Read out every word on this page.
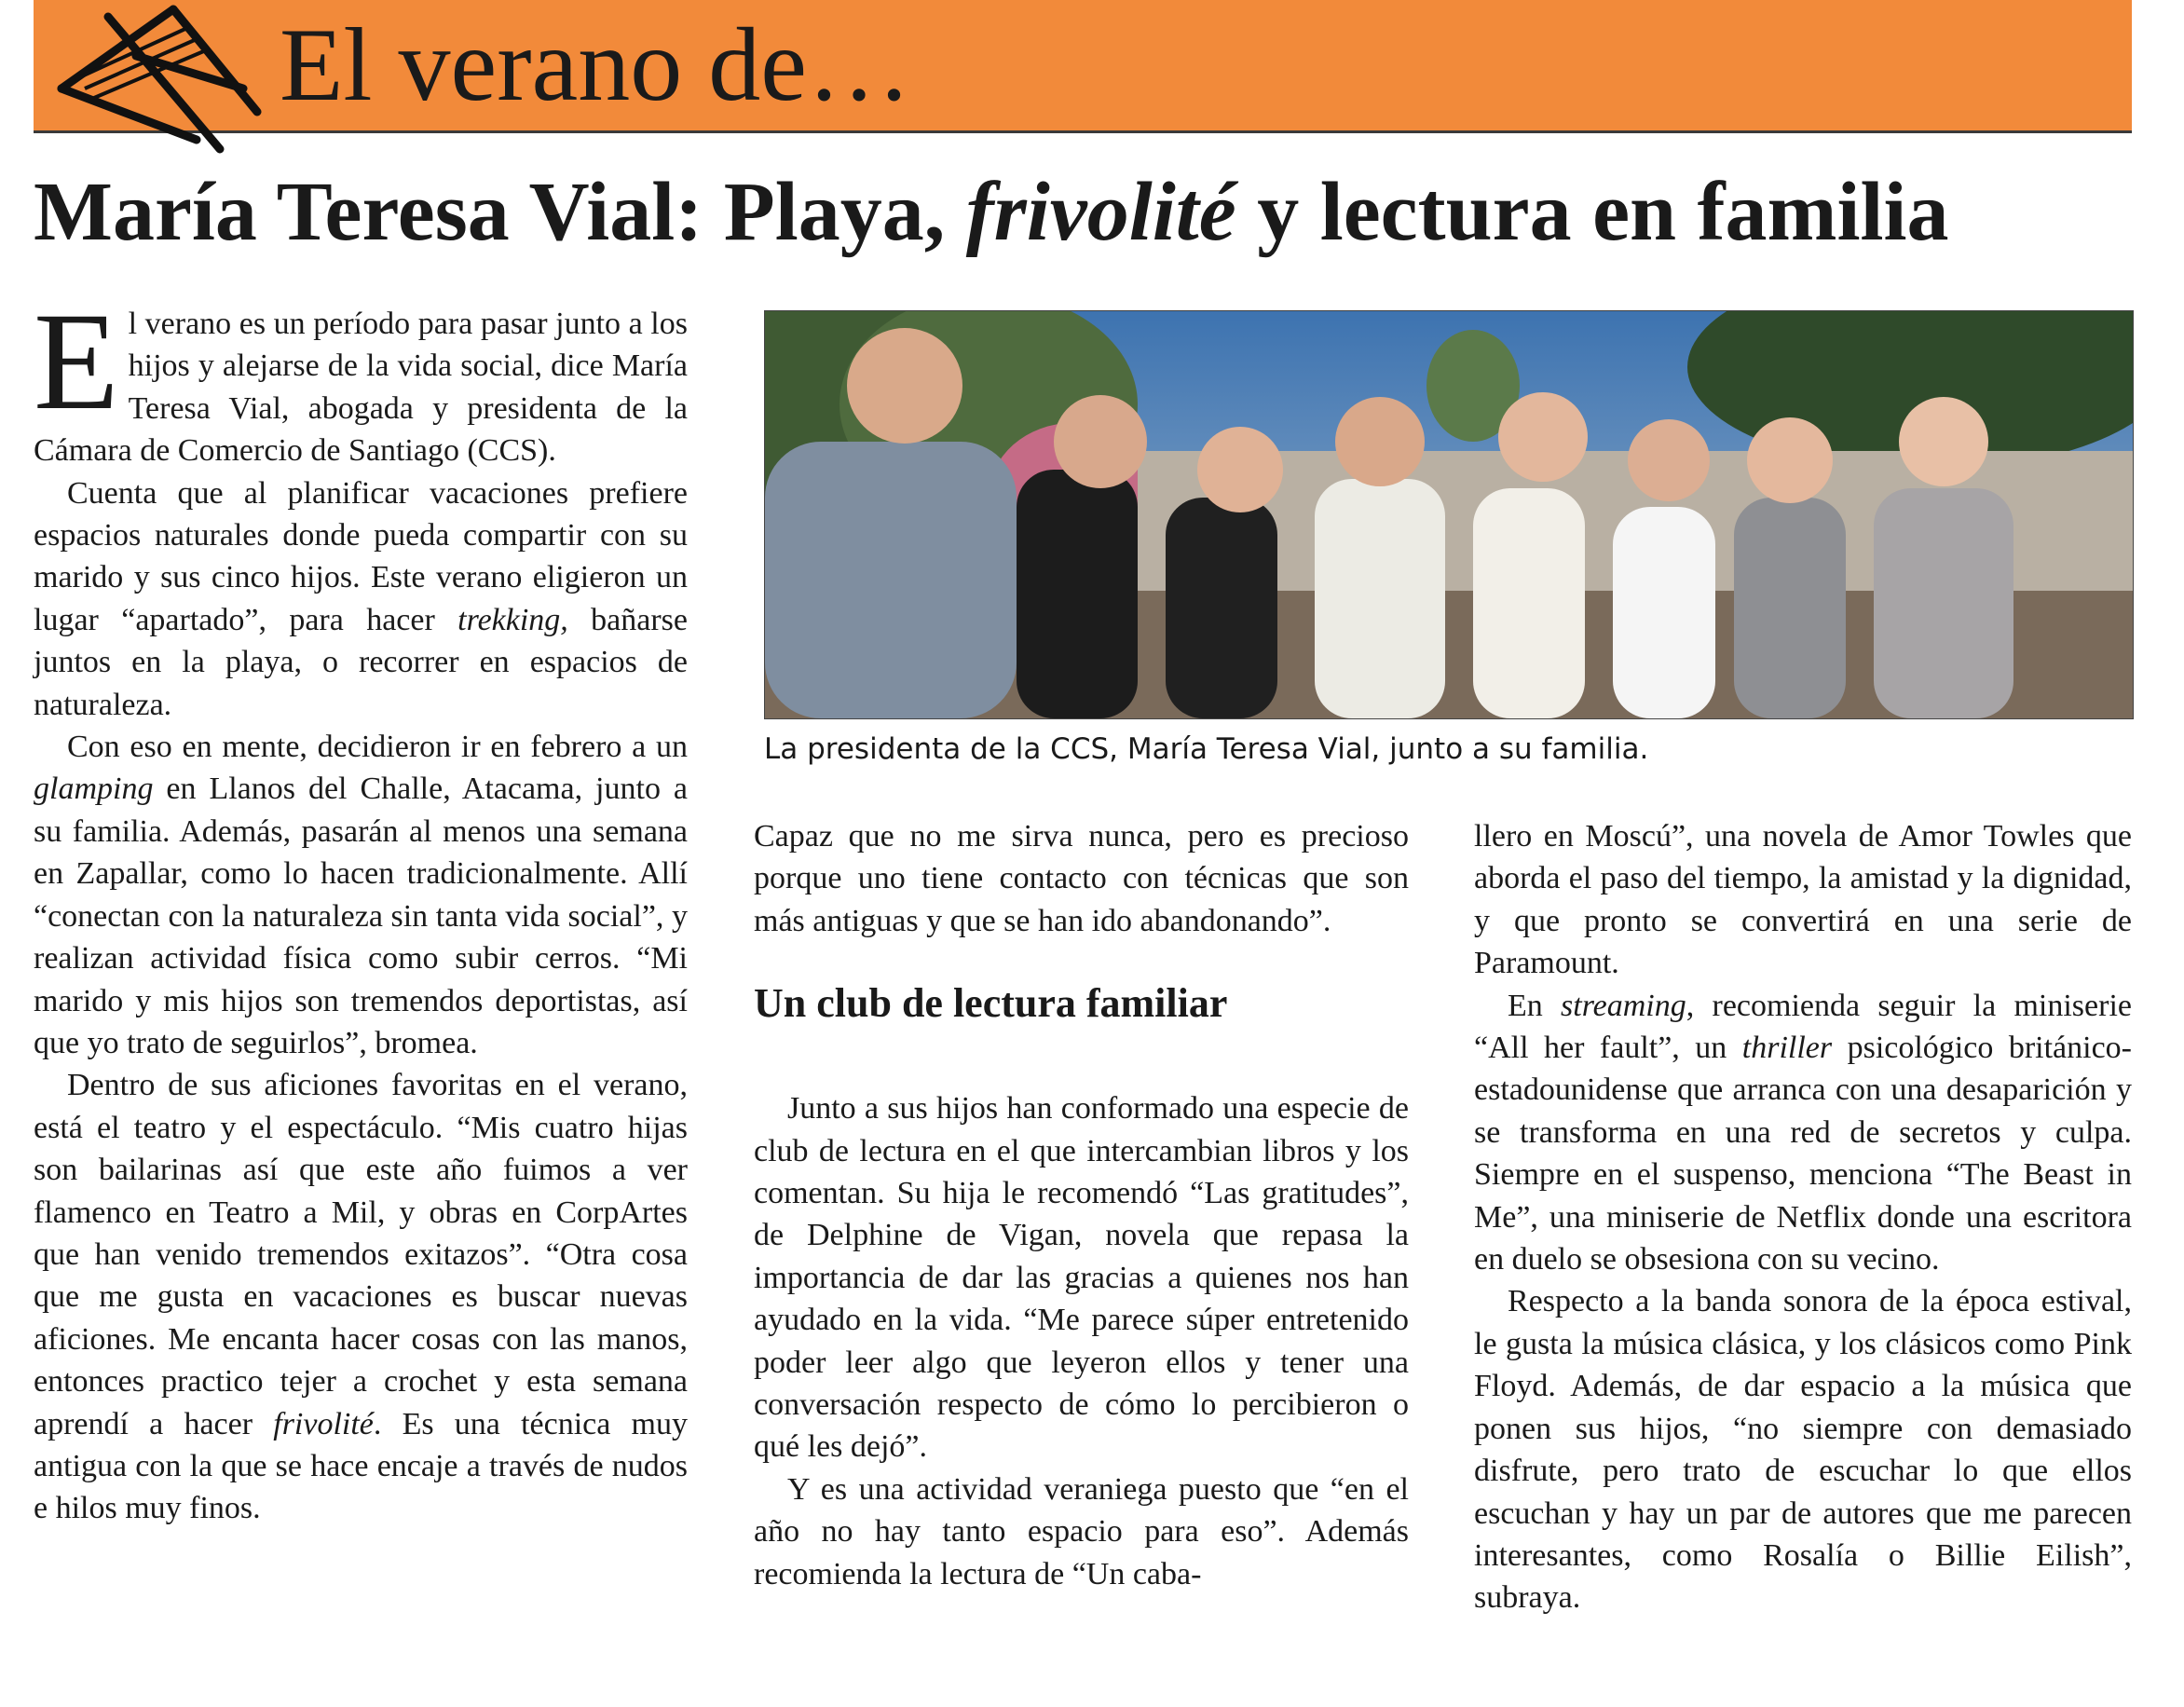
El verano de…
María Teresa Vial: Playa, frivolité y lectura en familia

El verano es un período para pasar junto a los hijos y alejarse de la vida social, dice María Teresa Vial, abogada y presidenta de la Cámara de Comercio de Santiago (CCS).

Cuenta que al planificar vacaciones prefiere espacios naturales donde pueda compartir con su marido y sus cinco hijos. Este verano eligieron un lugar “apartado”, para hacer trekking, bañarse juntos en la playa, o recorrer en espacios de naturaleza.

Con eso en mente, decidieron ir en febrero a un glamping en Llanos del Challe, Atacama, junto a su familia. Además, pasarán al menos una semana en Zapallar, como lo hacen tradicionalmente. Allí “conectan con la naturaleza sin tanta vida social”, y realizan actividad física como subir cerros. “Mi marido y mis hijos son tremendos deportistas, así que yo trato de seguirlos”, bromea.

Dentro de sus aficiones favoritas en el verano, está el teatro y el espectáculo. “Mis cuatro hijas son bailarinas así que este año fuimos a ver flamenco en Teatro a Mil, y obras en CorpArtes que han venido tremendos exitazos”. “Otra cosa que me gusta en vacaciones es buscar nuevas aficiones. Me encanta hacer cosas con las manos, entonces practico tejer a crochet y esta semana aprendí a hacer frivolité. Es una técnica muy antigua con la que se hace encaje a través de nudos e hilos muy finos.

La presidenta de la CCS, María Teresa Vial, junto a su familia.

Capaz que no me sirva nunca, pero es precioso porque uno tiene contacto con técnicas que son más antiguas y que se han ido abandonando”.

Un club de lectura familiar

Junto a sus hijos han conformado una especie de club de lectura en el que intercambian libros y los comentan. Su hija le recomendó “Las gratitudes”, de Delphine de Vigan, novela que repasa la importancia de dar las gracias a quienes nos han ayudado en la vida. “Me parece súper entretenido poder leer algo que leyeron ellos y tener una conversación respecto de cómo lo percibieron o qué les dejó”.

Y es una actividad veraniega puesto que “en el año no hay tanto espacio para eso”. Además recomienda la lectura de “Un caba-

llero en Moscú”, una novela de Amor Towles que aborda el paso del tiempo, la amistad y la dignidad, y que pronto se convertirá en una serie de Paramount.

En streaming, recomienda seguir la miniserie “All her fault”, un thriller psicológico británico-estadounidense que arranca con una desaparición y se transforma en una red de secretos y culpa. Siempre en el suspenso, menciona “The Beast in Me”, una miniserie de Netflix donde una escritora en duelo se obsesiona con su vecino.

Respecto a la banda sonora de la época estival, le gusta la música clásica, y los clásicos como Pink Floyd. Además, de dar espacio a la música que ponen sus hijos, “no siempre con demasiado disfrute, pero trato de escuchar lo que ellos escuchan y hay un par de autores que me parecen interesantes, como Rosalía o Billie Eilish”, subraya.
